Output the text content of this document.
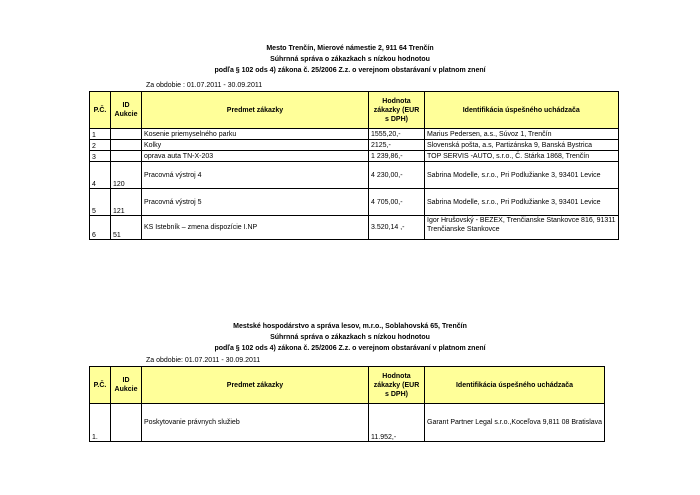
Mesto Trenčín, Mierové námestie 2, 911 64 Trenčín
Súhrnná správa o zákazkach s nízkou hodnotou
podľa § 102 ods 4) zákona č. 25/2006 Z.z. o verejnom obstarávaní v platnom znení
Za obdobie : 01.07.2011 - 30.09.2011
P.Č.	ID Aukcie	Predmet zákazky	Hodnota zákazky (EUR s DPH)	Identifikácia úspešného uchádzača
1		Kosenie priemyselného parku	1555,20,-	Marius Pedersen, a.s., Súvoz 1, Trenčín

2		Kolky	2125,-	Slovenská pošta, a.s, Partizánska 9, Banská Bystrica

3		oprava auta TN-X-203	1 239,86,-	TOP SERVIS -AUTO, s.r.o., Č. Stárka 1868, Trenčín

4	120	Pracovná výstroj 4	4 230,00,-	Sabrina Modelle, s.r.o., Pri Podlužianke 3, 93401 Levice

5	121	Pracovná výstroj 5	4 705,00,-	Sabrina Modelle, s.r.o., Pri Podlužianke 3, 93401 Levice

6	51	KS Istebník – zmena dispozície I.NP	3.520,14 ,-	Igor Hrušovský - BEZEX, Trenčianske Stankovce 816, 91311
Trenčianske Stankovce
Mestské hospodárstvo a správa lesov, m.r.o., Soblahovská 65, Trenčín
Súhrnná správa o zákazkach s nízkou hodnotou
podľa § 102 ods 4) zákona č. 25/2006 Z.z. o verejnom obstarávaní v platnom znení
Za obdobie: 01.07.2011 - 30.09.2011
P.Č.	ID Aukcie	Predmet zákazky	Hodnota zákazky (EUR s DPH)	Identifikácia úspešného uchádzača
1.		Poskytovanie právnych služieb	11.952,-	Garant Partner Legal s.r.o.,Koceľova 9,811 08 Bratislava
